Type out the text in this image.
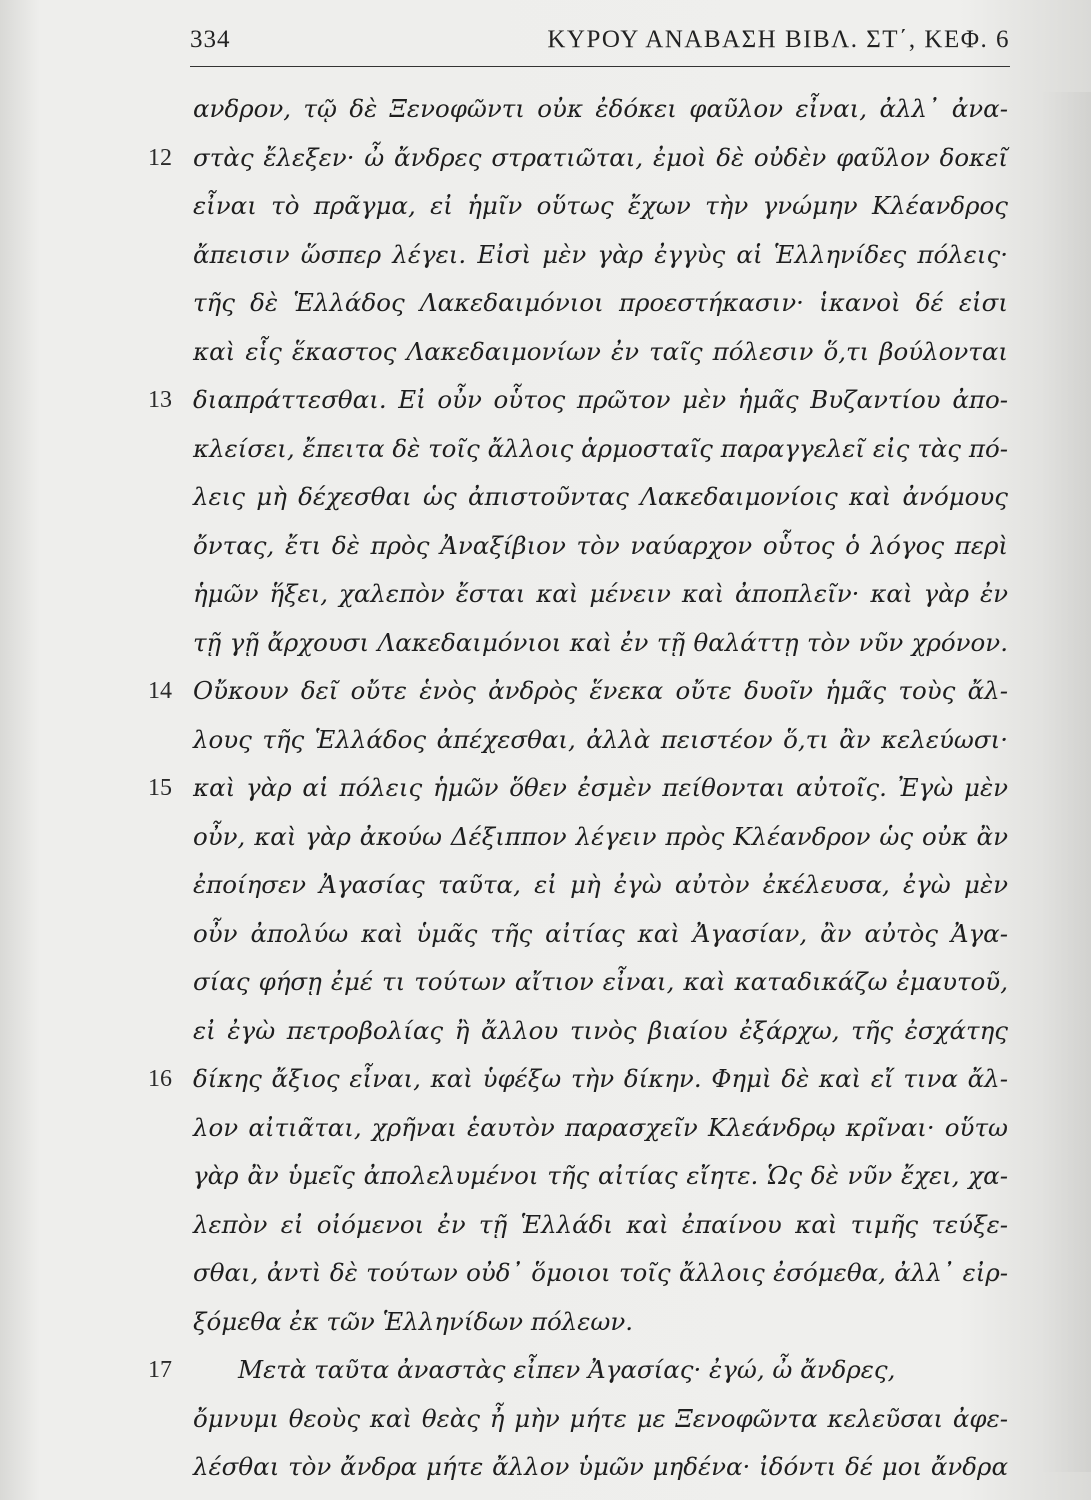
334	ΚΥΡΟΥ ΑΝΑΒΑΣΗ ΒΙΒΛ. ΣΤ΄, ΚΕΦ. 6
ανδρον, τῷ δὲ Ξενοφῶντι οὐκ ἐδόκει φαῦλον εἶναι, ἀλλ᾿ ἀνα-
12 στὰς ἔλεξεν· ὦ ἄνδρες στρατιῶται, ἐμοὶ δὲ οὐδὲν φαῦλον δοκεῖ
εἶναι τὸ πρᾶγμα, εἰ ἡμῖν οὕτως ἔχων τὴν γνώμην Κλέανδρος
ἄπεισιν ὥσπερ λέγει. Εἰσὶ μὲν γὰρ ἐγγὺς αἱ Ἑλληνίδες πόλεις·
τῆς δὲ Ἑλλάδος Λακεδαιμόνιοι προεστήκασιν· ἱκανοὶ δέ εἰσι
καὶ εἷς ἕκαστος Λακεδαιμονίων ἐν ταῖς πόλεσιν ὅ,τι βούλονται
13 διαπράττεσθαι. Εἰ οὖν οὗτος πρῶτον μὲν ἡμᾶς Βυζαντίου ἀπο-
κλείσει, ἔπειτα δὲ τοῖς ἄλλοις ἁρμοσταῖς παραγγελεῖ εἰς τὰς πό-
λεις μὴ δέχεσθαι ὡς ἀπιστοῦντας Λακεδαιμονίοις καὶ ἀνόμους
ὄντας, ἔτι δὲ πρὸς Ἀναξίβιον τὸν ναύαρχον οὗτος ὁ λόγος περὶ
ἡμῶν ἥξει, χαλεπὸν ἔσται καὶ μένειν καὶ ἀποπλεῖν· καὶ γὰρ ἐν
τῇ γῇ ἄρχουσι Λακεδαιμόνιοι καὶ ἐν τῇ θαλάττῃ τὸν νῦν χρόνον.
14 Οὔκουν δεῖ οὔτε ἑνὸς ἀνδρὸς ἕνεκα οὔτε δυοῖν ἡμᾶς τοὺς ἄλ-
λους τῆς Ἑλλάδος ἀπέχεσθαι, ἀλλὰ πειστέον ὅ,τι ἂν κελεύωσι·
15 καὶ γὰρ αἱ πόλεις ἡμῶν ὅθεν ἐσμὲν πείθονται αὐτοῖς. Ἐγὼ μὲν
οὖν, καὶ γὰρ ἀκούω Δέξιππον λέγειν πρὸς Κλέανδρον ὡς οὐκ ἂν
ἐποίησεν Ἀγασίας ταῦτα, εἰ μὴ ἐγὼ αὐτὸν ἐκέλευσα, ἐγὼ μὲν
οὖν ἀπολύω καὶ ὑμᾶς τῆς αἰτίας καὶ Ἀγασίαν, ἂν αὐτὸς Ἀγα-
σίας φήσῃ ἐμέ τι τούτων αἴτιον εἶναι, καὶ καταδικάζω ἐμαυτοῦ,
εἰ ἐγὼ πετροβολίας ἢ ἄλλου τινὸς βιαίου ἐξάρχω, τῆς ἐσχάτης
16 δίκης ἄξιος εἶναι, καὶ ὑφέξω τὴν δίκην. Φημὶ δὲ καὶ εἴ τινα ἄλ-
λον αἰτιᾶται, χρῆναι ἑαυτὸν παρασχεῖν Κλεάνδρῳ κρῖναι· οὕτω
γὰρ ἂν ὑμεῖς ἀπολελυμένοι τῆς αἰτίας εἴητε. Ὡς δὲ νῦν ἔχει, χα-
λεπὸν εἰ οἰόμενοι ἐν τῇ Ἑλλάδι καὶ ἐπαίνου καὶ τιμῆς τεύξε-
σθαι, ἀντὶ δὲ τούτων οὐδ᾿ ὅμοιοι τοῖς ἄλλοις ἐσόμεθα, ἀλλ᾿ εἰρ-
ξόμεθα ἐκ τῶν Ἑλληνίδων πόλεων.
17	Μετὰ ταῦτα ἀναστὰς εἶπεν Ἀγασίας· ἐγώ, ὦ ἄνδρες,
ὄμνυμι θεοὺς καὶ θεὰς ἦ μὴν μήτε με Ξενοφῶντα κελεῦσαι ἀφε-
λέσθαι τὸν ἄνδρα μήτε ἄλλον ὑμῶν μηδένα· ἰδόντι δέ μοι ἄνδρα
